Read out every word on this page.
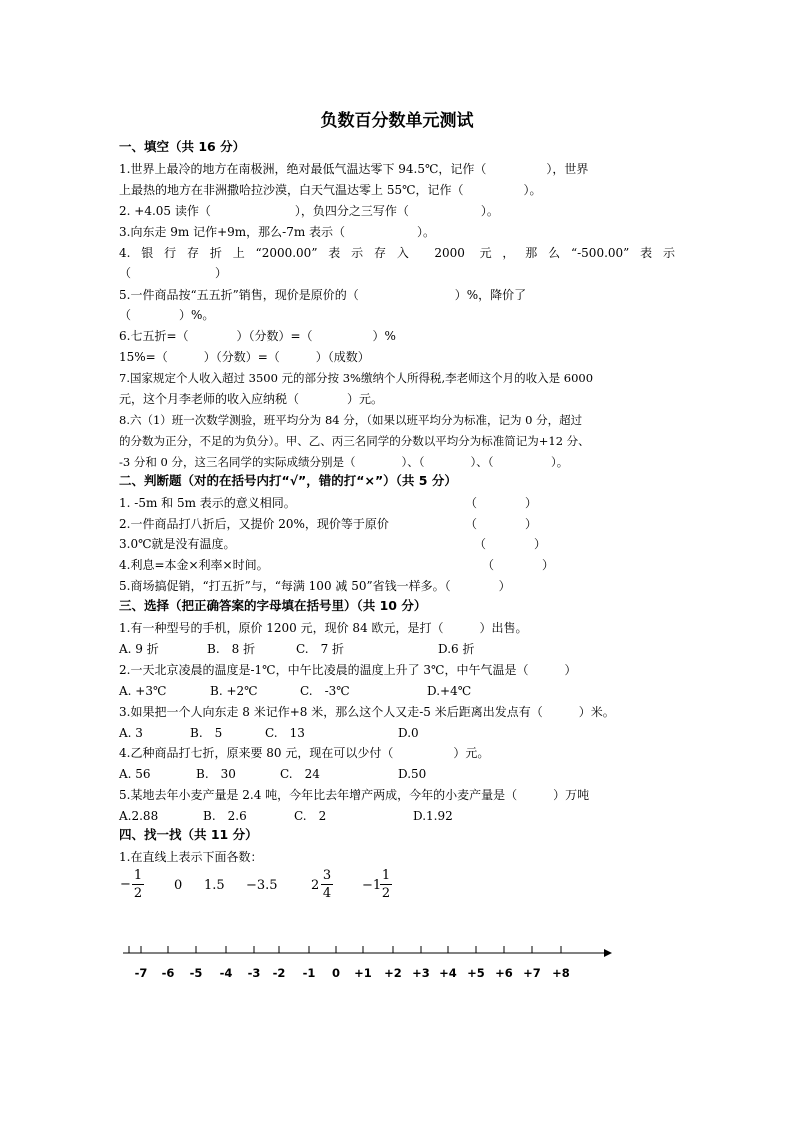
负数百分数单元测试
一、填空（共 16 分）
1.世界上最冷的地方在南极洲，绝对最低气温达零下 94.5℃，记作（　　　　　），世界
上最热的地方在非洲撒哈拉沙漠，白天气温达零上 55℃，记作（　　　　　）。
2. +4.05 读作（　　　　　　　），负四分之三写作（　　　　　　）。
3.向东走 9m 记作+9m，那么-7m 表示（　　　　　　）。
4.银行存折上“2000.00”表示存入 2000 元，那么“-500.00”表示
（　　　　　　　）
5.一件商品按“五五折”销售，现价是原价的（　　　　　　　　）%，降价了
（　　　　）%。
6.七五折=（　　　　）（分数）=（　　　　　）%
15%=（　　　）（分数）=（　　　）（成数）
7.国家规定个人收入超过 3500 元的部分按 3%缴纳个人所得税,李老师这个月的收入是 6000
元，这个月李老师的收入应纳税（　　　　）元。
8.六（1）班一次数学测验，班平均分为 84 分，（如果以班平均分为标准，记为 0 分，超过
的分数为正分，不足的为负分）。甲、乙、丙三名同学的分数以平均分为标准简记为+12 分、
-3 分和 0 分，这三名同学的实际成绩分别是（　　　　）、（　　　　）、（　　　　　）。
二、判断题（对的在括号内打“√”，错的打“×”）（共 5 分）
1. -5m 和 5m 表示的意义相同。	（　　　　）
2.一件商品打八折后，又提价 20%，现价等于原价	（　　　　）
3.0℃就是没有温度。	（　　　　）
4.利息=本金×利率×时间。	（　　　　）
5.商场搞促销，“打五折”与，“每满 100 减 50”省钱一样多。（　　　　）
三、选择（把正确答案的字母填在括号里）（共 10 分）
1.有一种型号的手机，原价 1200 元，现价 84 欧元，是打（　　　）出售。
A. 9 折	B.　8 折	C.　7 折	D.6 折
2.一天北京凌晨的温度是-1℃，中午比凌晨的温度上升了 3℃，中午气温是（　　　）
A. +3℃	B. +2℃	C.　-3℃	D.+4℃
3.如果把一个人向东走 8 米记作+8 米，那么这个人又走-5 米后距离出发点有（　　　）米。
A. 3	B.　5	C.　13	D.0
4.乙种商品打七折，原来要 80 元，现在可以少付（　　　　　）元。
A. 56	B.　30	C.　24	D.50
5.某地去年小麦产量是 2.4 吨，今年比去年增产两成，今年的小麦产量是（　　　）万吨
A.2.88	B.　2.6	C.　2	D.1.92
四、找一找（共 11 分）
1.在直线上表示下面各数：
−
1
2
0 1.5 −3.5	2
3
4
−1
1
2
-7	-6	-5	-4	-3	-2	-1	0	+1	+2 +3 +4 +5 +6 +7 +8
